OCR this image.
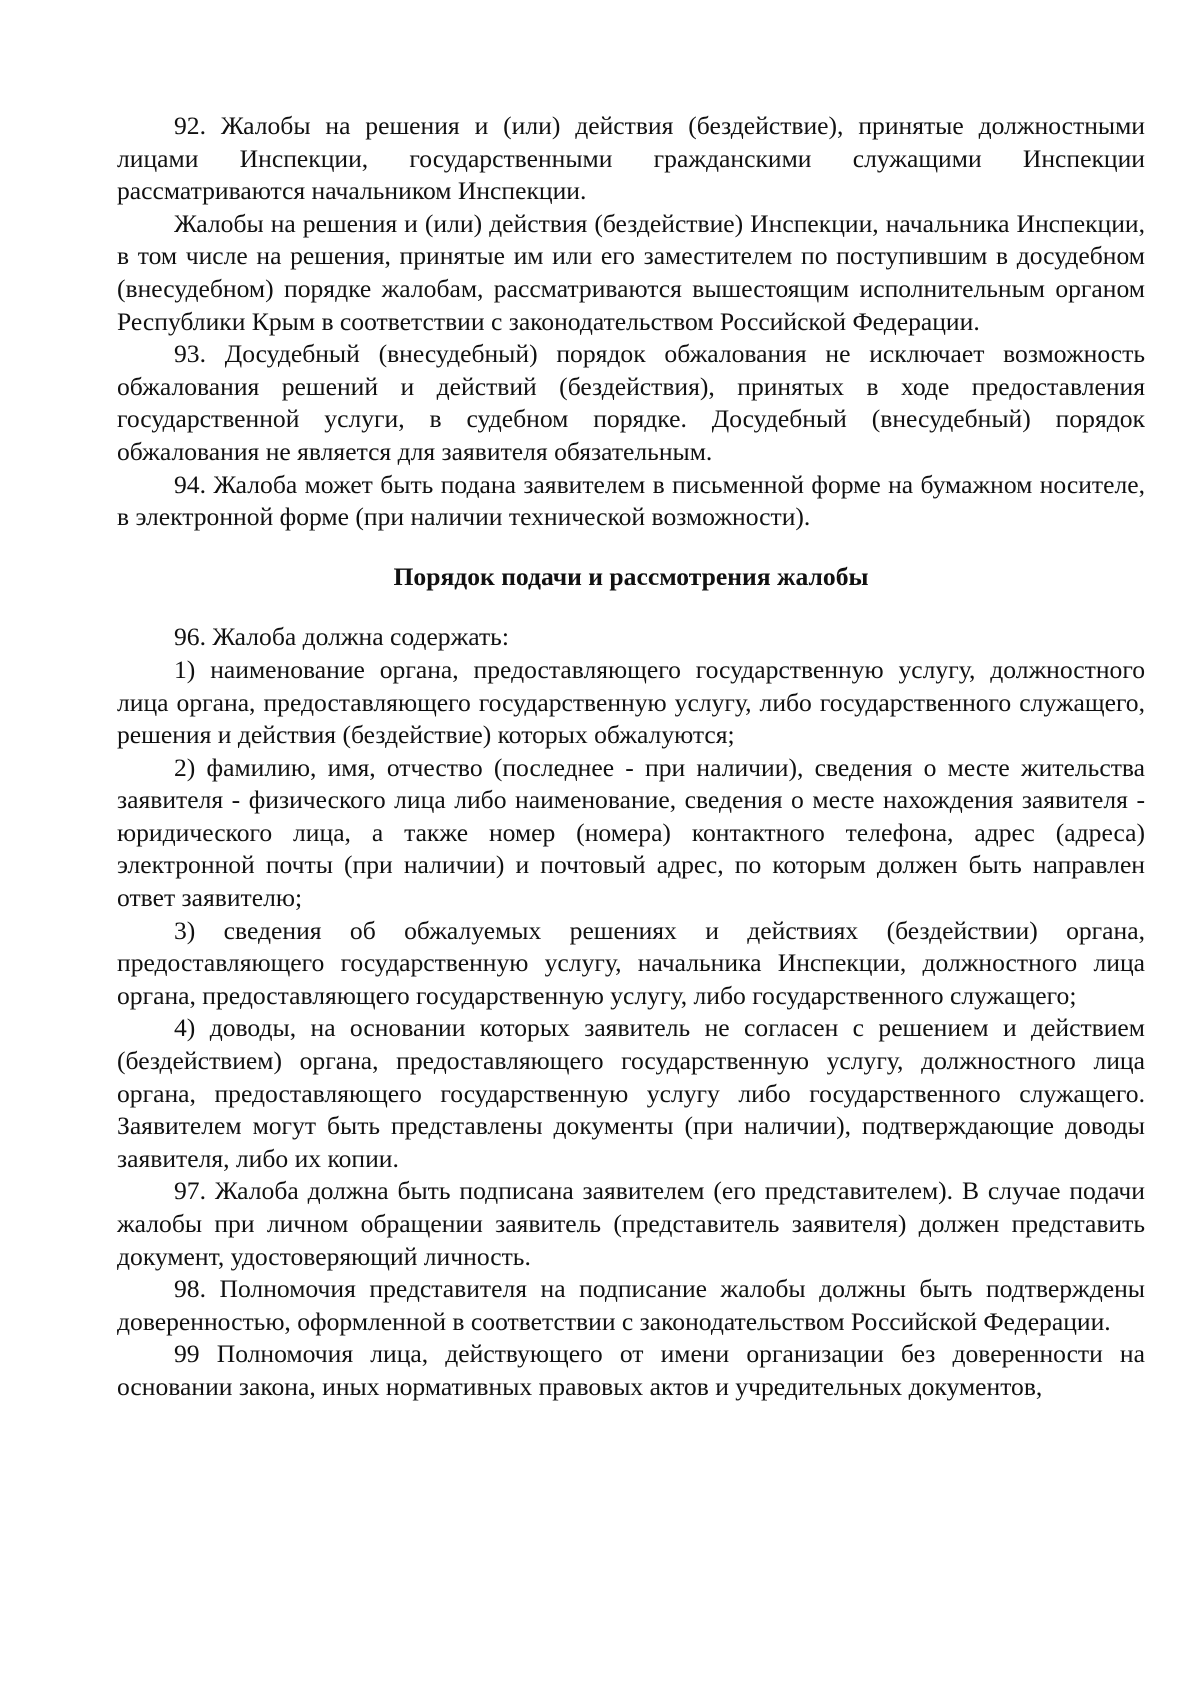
92. Жалобы на решения и (или) действия (бездействие), принятые должностными лицами Инспекции, государственными гражданскими служащими Инспекции рассматриваются начальником Инспекции.

Жалобы на решения и (или) действия (бездействие) Инспекции, начальника Инспекции, в том числе на решения, принятые им или его заместителем по поступившим в досудебном (внесудебном) порядке жалобам, рассматриваются вышестоящим исполнительным органом Республики Крым в соответствии с законодательством Российской Федерации.

93. Досудебный (внесудебный) порядок обжалования не исключает возможность обжалования решений и действий (бездействия), принятых в ходе предоставления государственной услуги, в судебном порядке. Досудебный (внесудебный) порядок обжалования не является для заявителя обязательным.

94. Жалоба может быть подана заявителем в письменной форме на бумажном носителе, в электронной форме (при наличии технической возможности).

Порядок подачи и рассмотрения жалобы

96. Жалоба должна содержать:

1) наименование органа, предоставляющего государственную услугу, должностного лица органа, предоставляющего государственную услугу, либо государственного служащего, решения и действия (бездействие) которых обжалуются;

2) фамилию, имя, отчество (последнее - при наличии), сведения о месте жительства заявителя - физического лица либо наименование, сведения о месте нахождения заявителя - юридического лица, а также номер (номера) контактного телефона, адрес (адреса) электронной почты (при наличии) и почтовый адрес, по которым должен быть направлен ответ заявителю;

3) сведения об обжалуемых решениях и действиях (бездействии) органа, предоставляющего государственную услугу, начальника Инспекции, должностного лица органа, предоставляющего государственную услугу, либо государственного служащего;

4) доводы, на основании которых заявитель не согласен с решением и действием (бездействием) органа, предоставляющего государственную услугу, должностного лица органа, предоставляющего государственную услугу либо государственного служащего. Заявителем могут быть представлены документы (при наличии), подтверждающие доводы заявителя, либо их копии.

97. Жалоба должна быть подписана заявителем (его представителем). В случае подачи жалобы при личном обращении заявитель (представитель заявителя) должен представить документ, удостоверяющий личность.

98. Полномочия представителя на подписание жалобы должны быть подтверждены доверенностью, оформленной в соответствии с законодательством Российской Федерации.

99 Полномочия лица, действующего от имени организации без доверенности на основании закона, иных нормативных правовых актов и учредительных документов,
